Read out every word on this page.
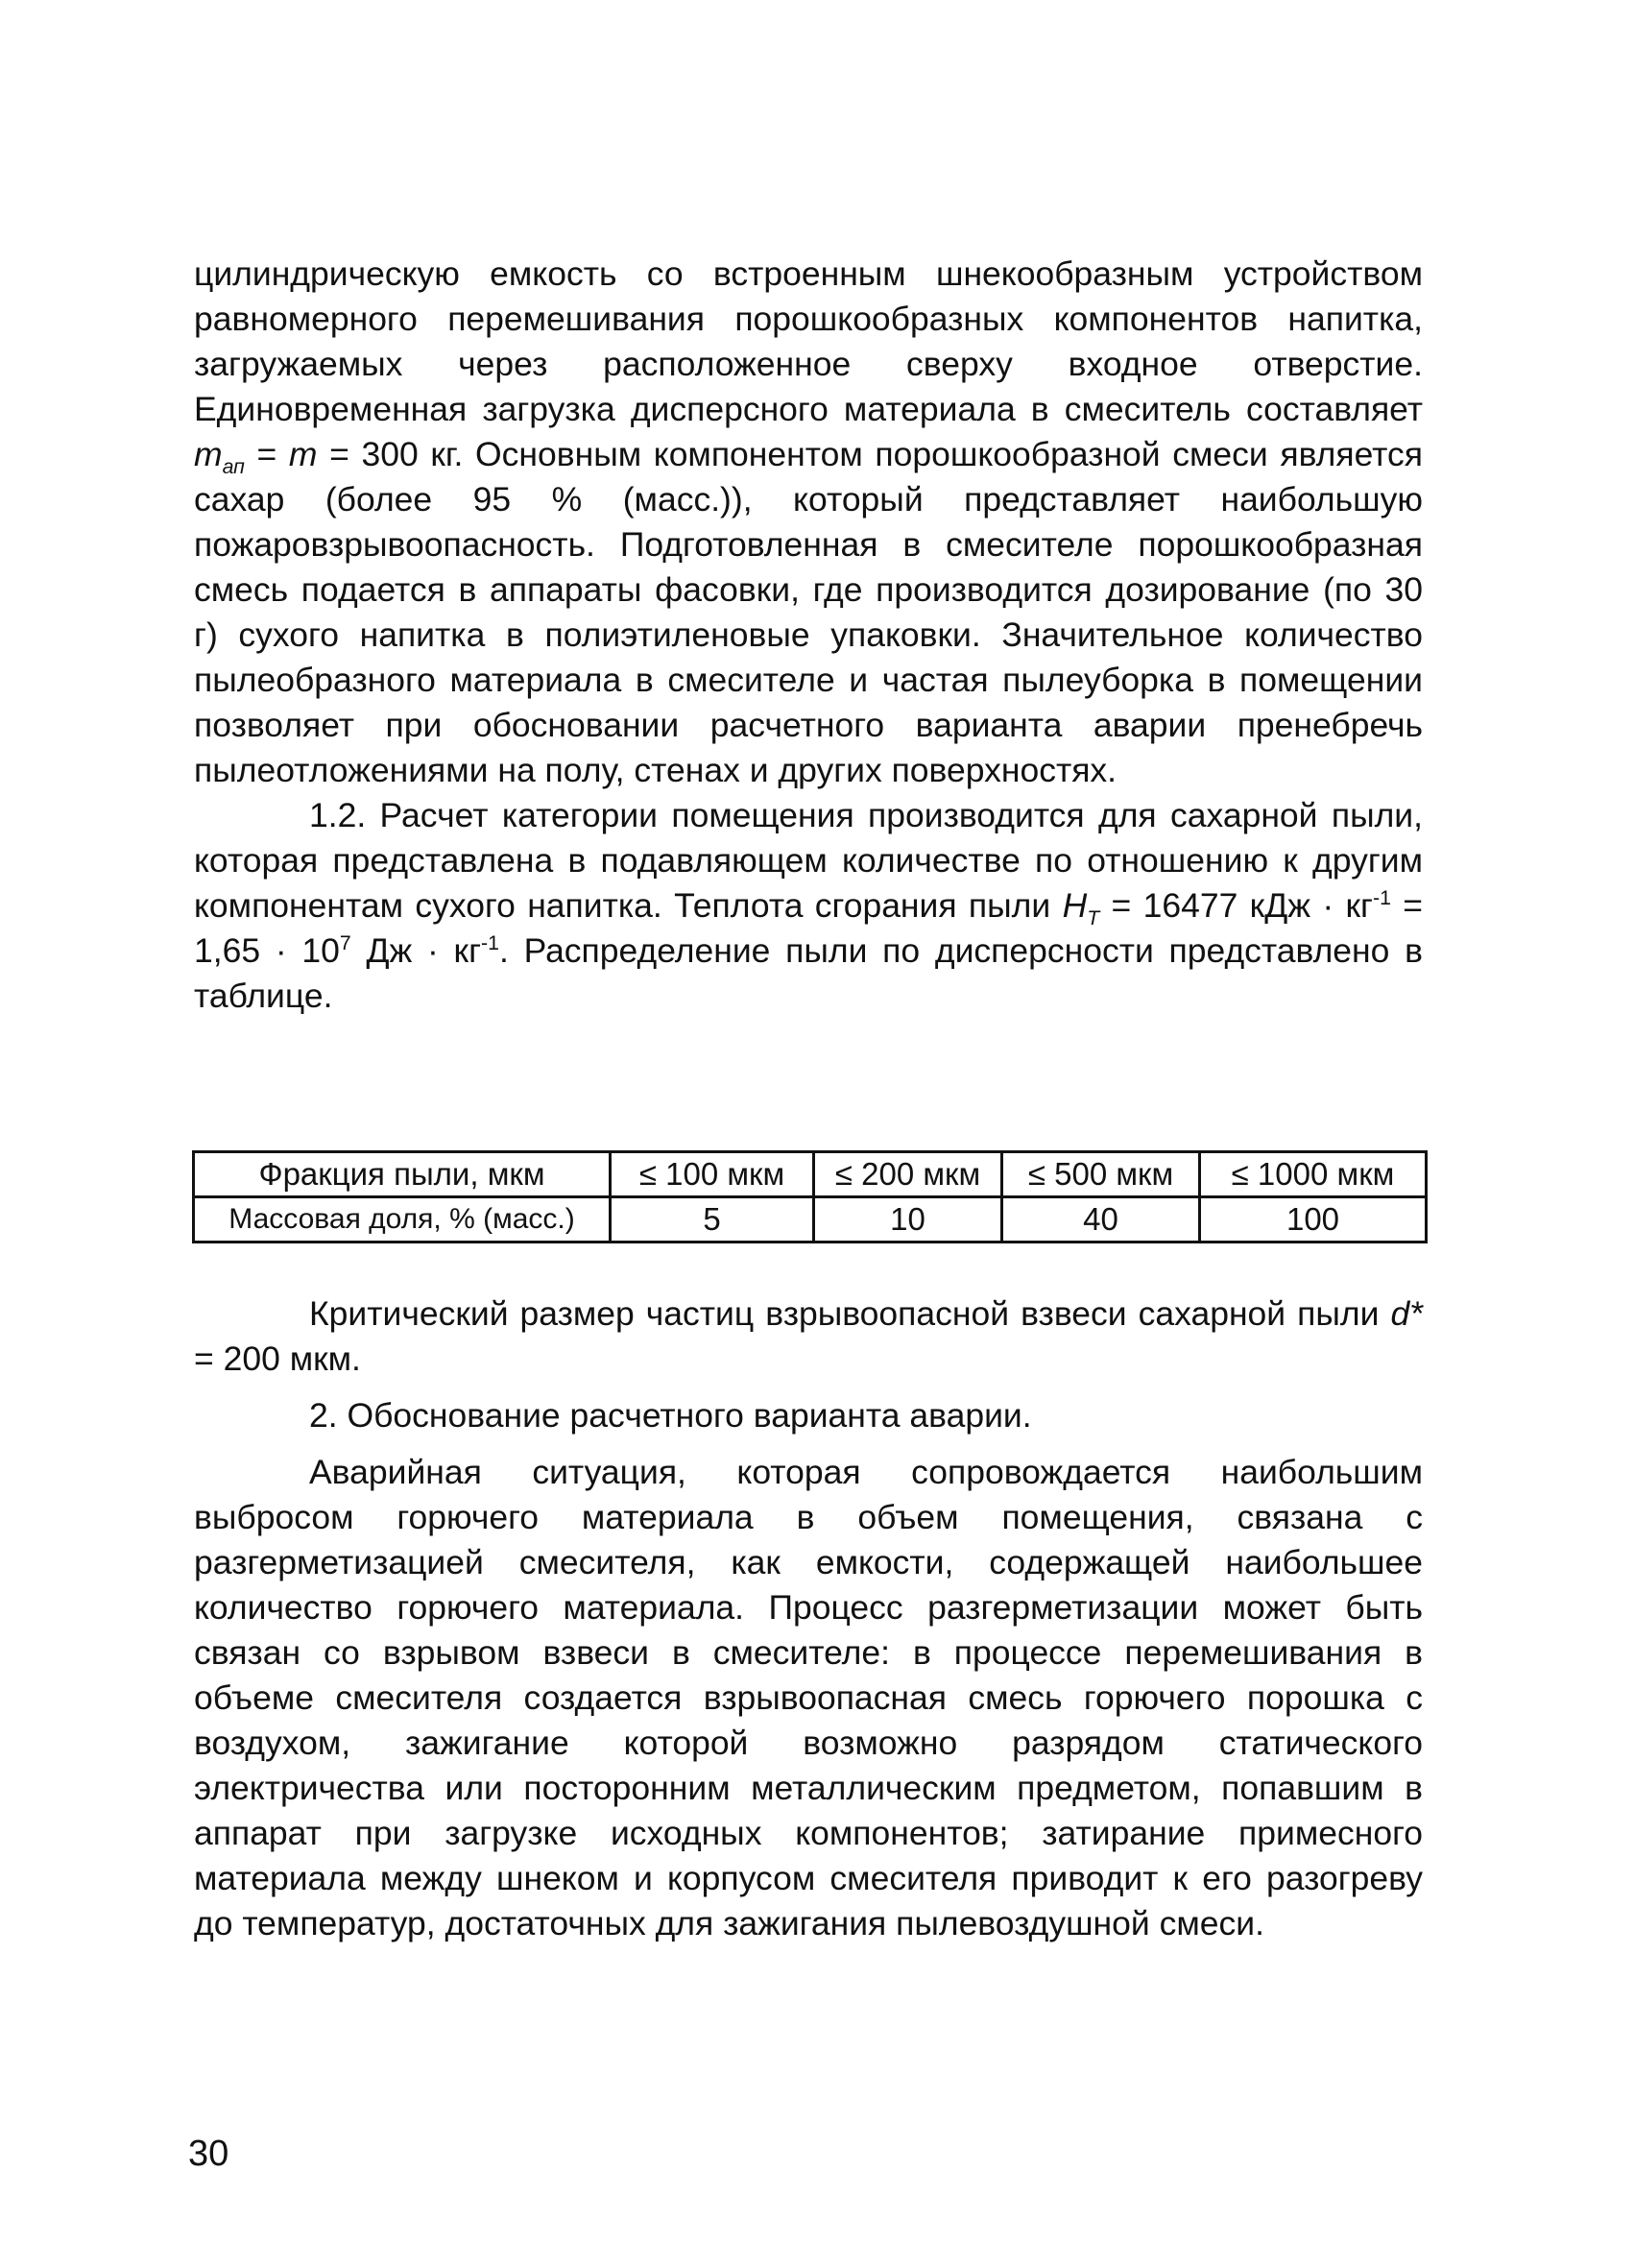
цилиндрическую емкость со встроенным шнекообразным устройством равномерного перемешивания порошкообразных компонентов напитка, загружаемых через расположенное сверху входное отверстие. Единовременная загрузка дисперсного материала в смеситель составляет $m_{ап} = m = 300$ кг. Основным компонентом порошкообразной смеси является сахар (более 95 % (масс.)), который представляет наибольшую пожаровзрывоопасность. Подготовленная в смесителе порошкообразная смесь подается в аппараты фасовки, где производится дозирование (по 30 г) сухого напитка в полиэтиленовые упаковки. Значительное количество пылеобразного материала в смесителе и частая пылеуборка в помещении позволяет при обосновании расчетного варианта аварии пренебречь пылеотложениями на полу, стенах и других поверхностях.

1.2. Расчет категории помещения производится для сахарной пыли, которая представлена в подавляющем количестве по отношению к другим компонентам сухого напитка. Теплота сгорания пыли $H_T = 16477$ кДж · $кг^{-1} = 1,65 \cdot 10^7$ Дж · $кг^{-1}$. Распределение пыли по дисперсности представлено в таблице.

Фракция пыли, мкм	≤ 100 мкм	≤ 200 мкм	≤ 500 мкм	≤ 1000 мкм
Массовая доля, % (масс.)	5	10	40	100

Критический размер частиц взрывоопасной взвеси сахарной пыли d* = 200 мкм.

2. Обоснование расчетного варианта аварии.

Аварийная ситуация, которая сопровождается наибольшим выбросом горючего материала в объем помещения, связана с разгерметизацией смесителя, как емкости, содержащей наибольшее количество горючего материала. Процесс разгерметизации может быть связан со взрывом взвеси в смесителе: в процессе перемешивания в объеме смесителя создается взрывоопасная смесь горючего порошка с воздухом, зажигание которой возможно разрядом статического электричества или посторонним металлическим предметом, попавшим в аппарат при загрузке исходных компонентов; затирание примесного материала между шнеком и корпусом смесителя приводит к его разогреву до температур, достаточных для зажигания пылевоздушной смеси.

30
